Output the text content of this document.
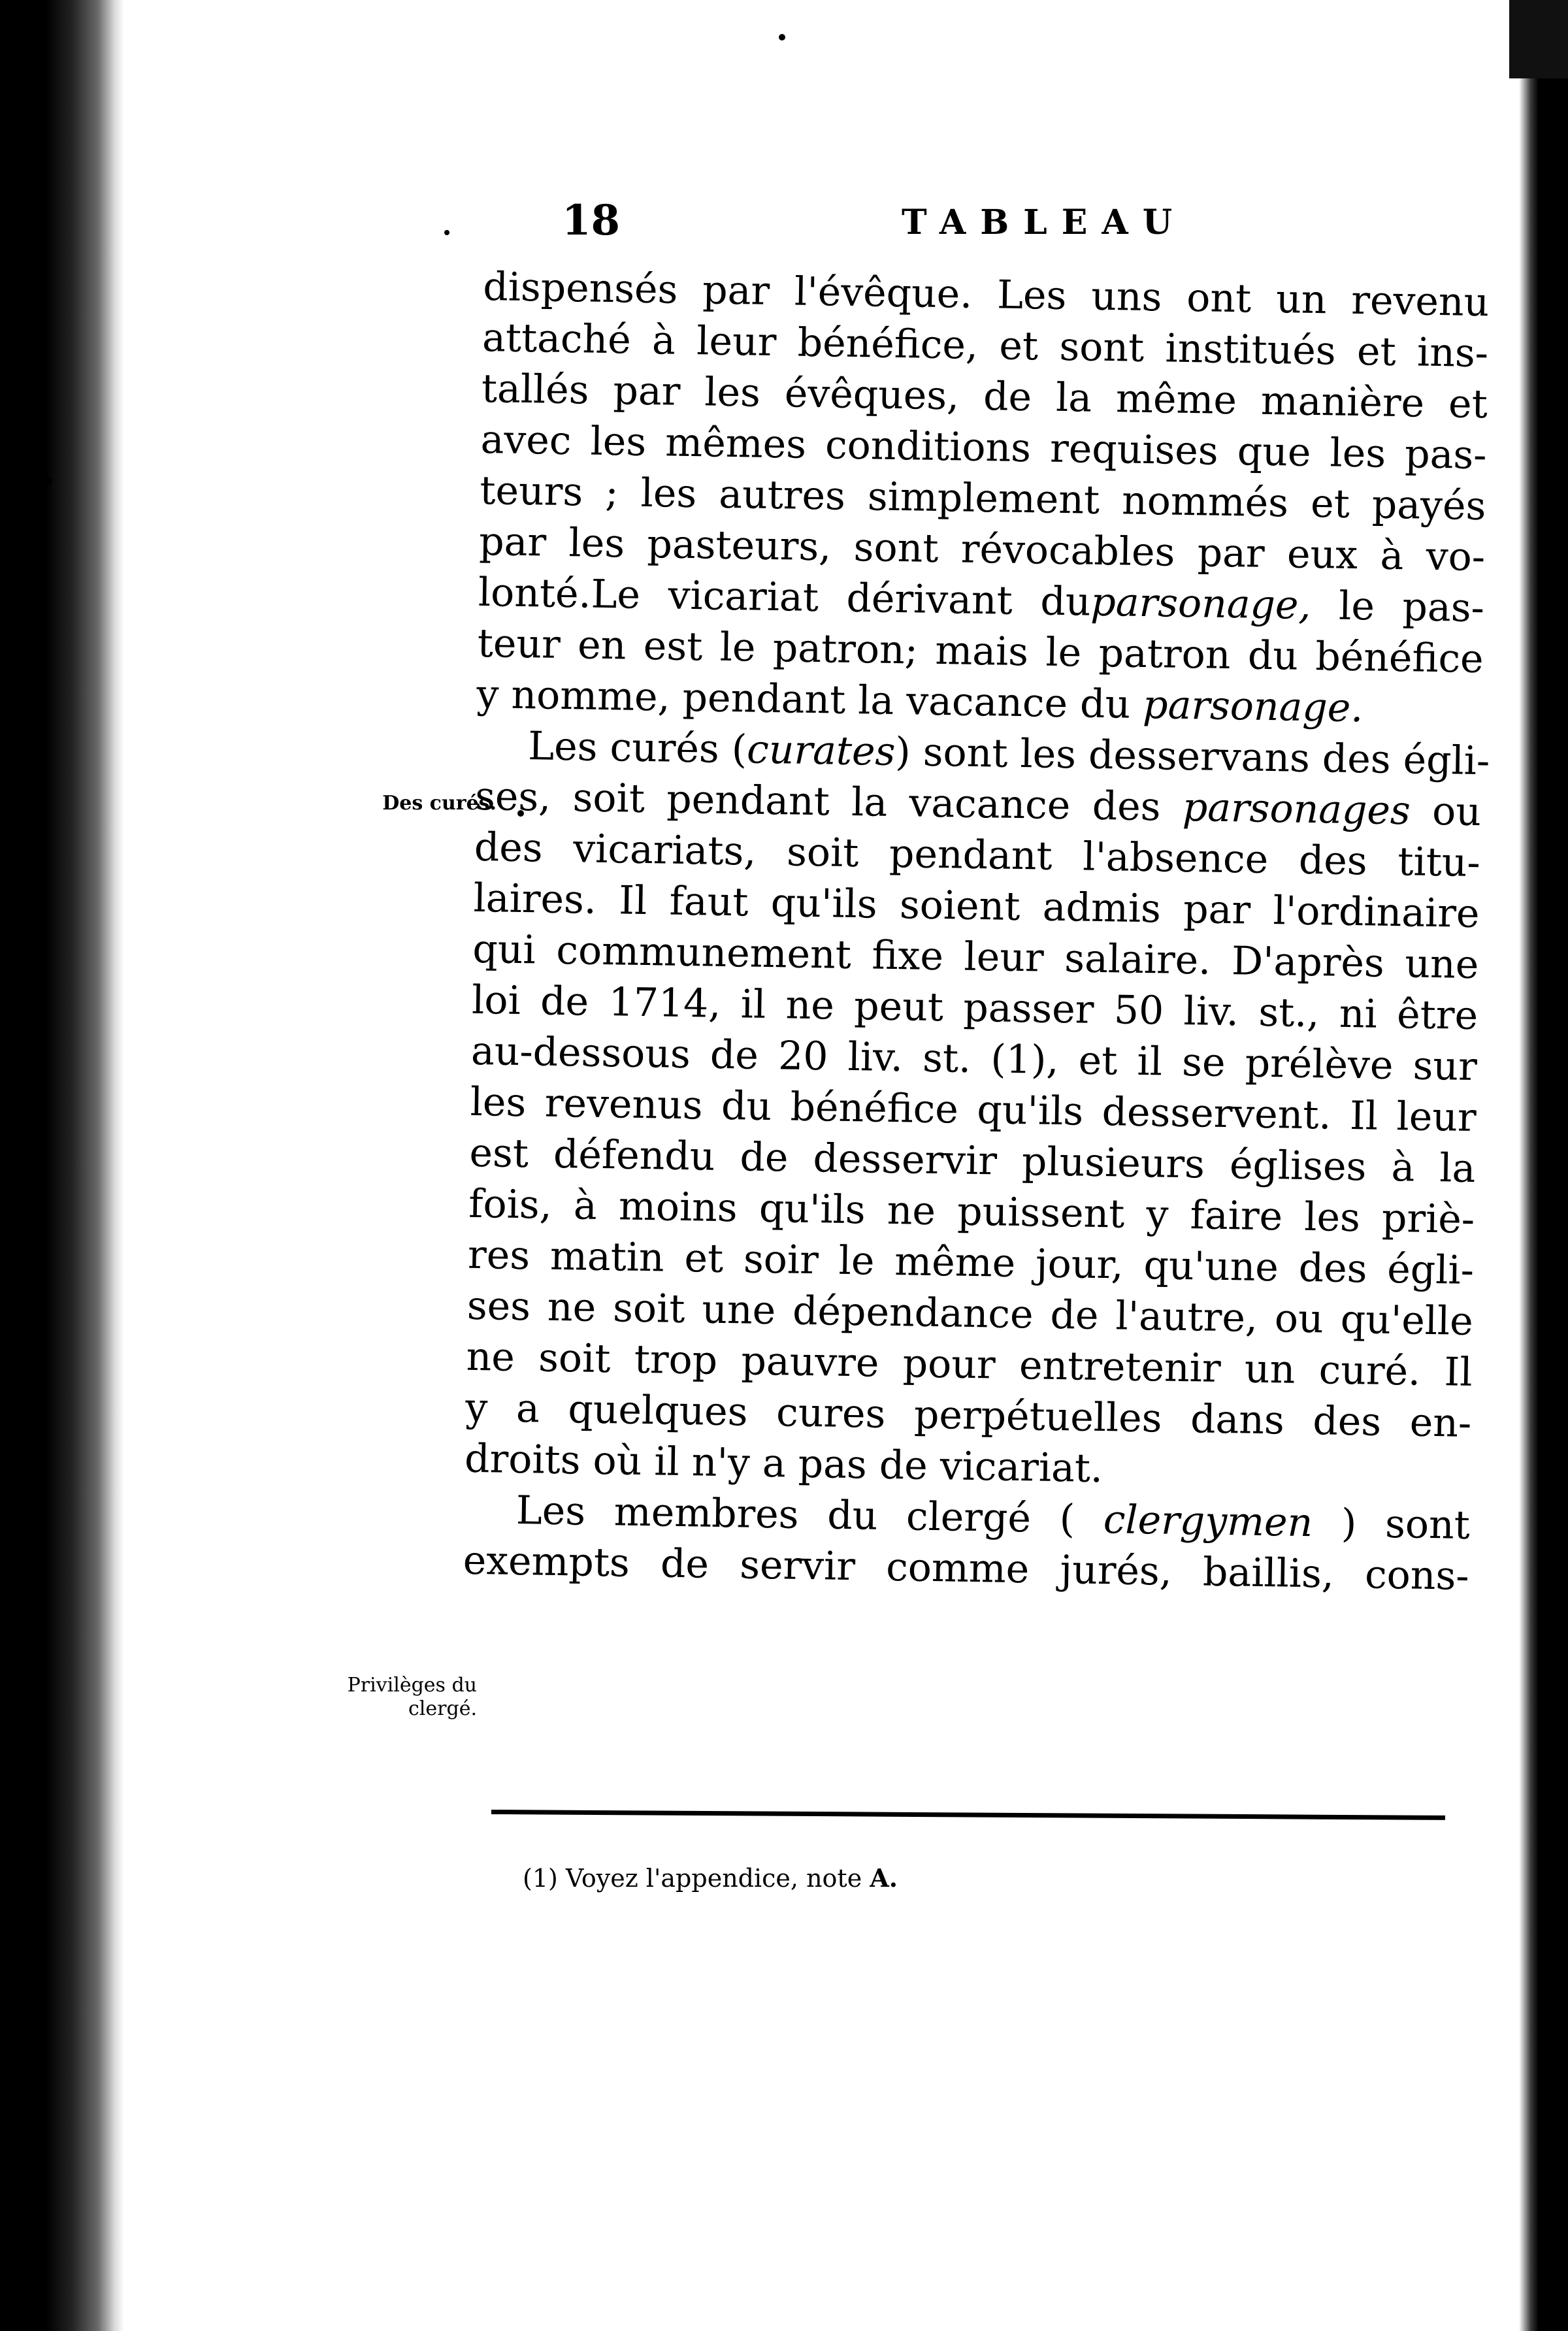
18	TABLEAU
Des curés.
Privilèges du
clergé.
dispensés par l'évêque. Les uns ont un revenu
attaché à leur bénéfice, et sont institués et ins-
tallés par les évêques, de la même manière et
avec les mêmes conditions requises que les pas-
teurs ; les autres simplement nommés et payés
par les pasteurs, sont révocables par eux à vo-
lonté.Le vicariat dérivant duparsonage, le pas-
teur en est le patron; mais le patron du bénéfice
y nomme, pendant la vacance du parsonage.
Les curés (curates) sont les desservans des égli-
ses, soit pendant la vacance des parsonages ou
des vicariats, soit pendant l'absence des titu-
laires. Il faut qu'ils soient admis par l'ordinaire
qui communement fixe leur salaire. D'après une
loi de 1714, il ne peut passer 50 liv. st., ni être
au-dessous de 20 liv. st. (1), et il se prélève sur
les revenus du bénéfice qu'ils desservent. Il leur
est défendu de desservir plusieurs églises à la
fois, à moins qu'ils ne puissent y faire les priè-
res matin et soir le même jour, qu'une des égli-
ses ne soit une dépendance de l'autre, ou qu'elle
ne soit trop pauvre pour entretenir un curé. Il
y a quelques cures perpétuelles dans des en-
droits où il n'y a pas de vicariat.
Les membres du clergé ( clergymen ) sont
exempts de servir comme jurés, baillis, cons-
(1) Voyez l'appendice, note A.
